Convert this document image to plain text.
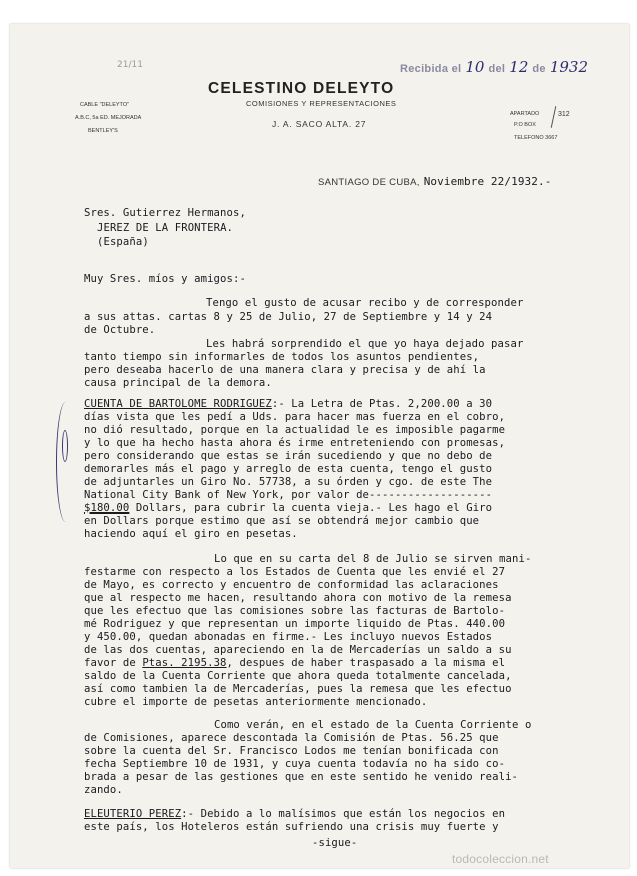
21/11	Recibida el 10 del 12 de 1932
CELESTINO DELEYTO
COMISIONES Y REPRESENTACIONES
J. A. SACO ALTA. 27
CABLE "DELEYTO"
A.B.C, 5a ED. MEJORADA
BENTLEY'S
APARTADO	312
P.O BOX
TELEFONO 3667
SANTIAGO DE CUBA, Noviembre 22/1932.-
Sres. Gutierrez Hermanos,
JEREZ DE LA FRONTERA.
(España)
Muy Sres. míos y amigos:-
Tengo el gusto de acusar recibo y de corresponder
a sus attas. cartas 8 y 25 de Julio, 27 de Septiembre y 14 y 24
de Octubre.
Les habrá sorprendido el que yo haya dejado pasar
tanto tiempo sin informarles de todos los asuntos pendientes,
pero deseaba hacerlo de una manera clara y precisa y de ahí la
causa principal de la demora.
CUENTA DE BARTOLOME RODRIGUEZ:- La Letra de Ptas. 2,200.00 a 30
días vista que les pedí a Uds. para hacer mas fuerza en el cobro,
no dió resultado, porque en la actualidad le es imposible pagarme
y lo que ha hecho hasta ahora és irme entreteniendo con promesas,
pero considerando que estas se irán sucediendo y que no debo de
demorarles más el pago y arreglo de esta cuenta, tengo el gusto
de adjuntarles un Giro No. 57738, a su órden y cgo. de este The
National City Bank of New York, por valor de-------------------
$180.00 Dollars, para cubrir la cuenta vieja.- Les hago el Giro
en Dollars porque estimo que así se obtendrá mejor cambio que
haciendo aquí el giro en pesetas.
Lo que en su carta del 8 de Julio se sirven mani-
festarme con respecto a los Estados de Cuenta que les envié el 27
de Mayo, es correcto y encuentro de conformidad las aclaraciones
que al respecto me hacen, resultando ahora con motivo de la remesa
que les efectuo que las comisiones sobre las facturas de Bartolo-
mé Rodriguez y que representan un importe liquido de Ptas. 440.00
y 450.00, quedan abonadas en firme.- Les incluyo nuevos Estados
de las dos cuentas, apareciendo en la de Mercaderías un saldo a su
favor de Ptas. 2195.38, despues de haber traspasado a la misma el
saldo de la Cuenta Corriente que ahora queda totalmente cancelada,
así como tambien la de Mercaderías, pues la remesa que les efectuo
cubre el importe de pesetas anteriormente mencionado.
Como verán, en el estado de la Cuenta Corriente o
de Comisiones, aparece descontada la Comisión de Ptas. 56.25 que
sobre la cuenta del Sr. Francisco Lodos me tenían bonificada con
fecha Septiembre 10 de 1931, y cuya cuenta todavía no ha sido co-
brada a pesar de las gestiones que en este sentido he venido reali-
zando.
ELEUTERIO PEREZ:- Debido a lo malísimos que están los negocios en
este país, los Hoteleros están sufriendo una crisis muy fuerte y
-sigue-
todocoleccion.net
